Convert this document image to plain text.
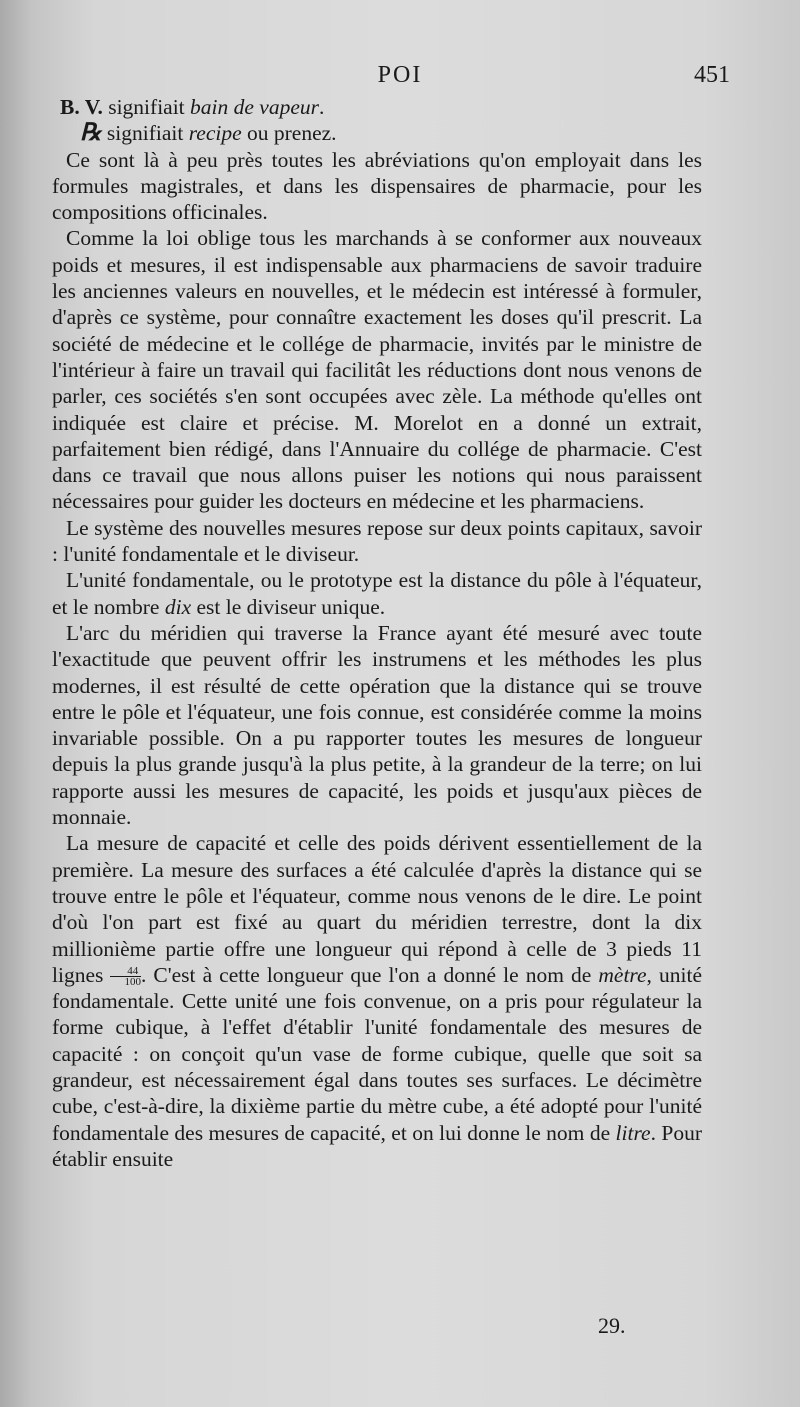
POI	451

B. V. signifiait bain de vapeur.

℞ signifiait recipe ou prenez.

Ce sont là à peu près toutes les abréviations qu'on employait dans les formules magistrales, et dans les dispensaires de pharmacie, pour les compositions officinales.

Comme la loi oblige tous les marchands à se conformer aux nouveaux poids et mesures, il est indispensable aux pharmaciens de savoir traduire les anciennes valeurs en nouvelles, et le médecin est intéressé à formuler, d'après ce système, pour connaître exactement les doses qu'il prescrit. La société de médecine et le collége de pharmacie, invités par le ministre de l'intérieur à faire un travail qui facilitât les réductions dont nous venons de parler, ces sociétés s'en sont occupées avec zèle. La méthode qu'elles ont indiquée est claire et précise. M. Morelot en a donné un extrait, parfaitement bien rédigé, dans l'Annuaire du collége de pharmacie. C'est dans ce travail que nous allons puiser les notions qui nous paraissent nécessaires pour guider les docteurs en médecine et les pharmaciens.

Le système des nouvelles mesures repose sur deux points capitaux, savoir : l'unité fondamentale et le diviseur.

L'unité fondamentale, ou le prototype est la distance du pôle à l'équateur, et le nombre dix est le diviseur unique.

L'arc du méridien qui traverse la France ayant été mesuré avec toute l'exactitude que peuvent offrir les instrumens et les méthodes les plus modernes, il est résulté de cette opération que la distance qui se trouve entre le pôle et l'équateur, une fois connue, est considérée comme la moins invariable possible. On a pu rapporter toutes les mesures de longueur depuis la plus grande jusqu'à la plus petite, à la grandeur de la terre; on lui rapporte aussi les mesures de capacité, les poids et jusqu'aux pièces de monnaie.

La mesure de capacité et celle des poids dérivent essentiellement de la première. La mesure des surfaces a été calculée d'après la distance qui se trouve entre le pôle et l'équateur, comme nous venons de le dire. Le point d'où l'on part est fixé au quart du méridien terrestre, dont la dix millionième partie offre une longueur qui répond à celle de 3 pieds 11 lignes $\frac{44}{100}$ . C'est à cette longueur que l'on a donné le nom de mètre, unité fondamentale. Cette unité une fois convenue, on a pris pour régulateur la forme cubique, à l'effet d'établir l'unité fondamentale des mesures de capacité : on conçoit qu'un vase de forme cubique, quelle que soit sa grandeur, est nécessairement égal dans toutes ses surfaces. Le décimètre cube, c'est-à-dire, la dixième partie du mètre cube, a été adopté pour l'unité fondamentale des mesures de capacité, et on lui donne le nom de litre. Pour établir ensuite

29.
